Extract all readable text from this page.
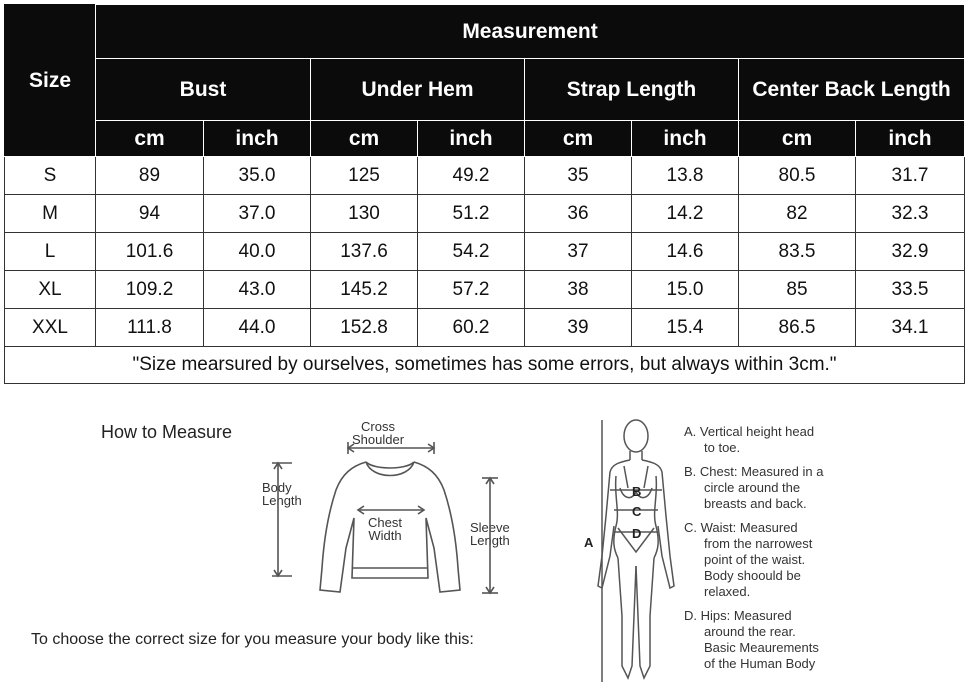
Size	Measurement							
	Bust		Under Hem		Strap Length		Center Back Length	
	cm	inch	cm	inch	cm	inch	cm	inch
S	89	35.0	125	49.2	35	13.8	80.5	31.7
M	94	37.0	130	51.2	36	14.2	82	32.3
L	101.6	40.0	137.6	54.2	37	14.6	83.5	32.9
XL	109.2	43.0	145.2	57.2	38	15.0	85	33.5
XXL	111.8	44.0	152.8	60.2	39	15.4	86.5	34.1
"Size mearsured by ourselves, sometimes has some errors, but always within 3cm."								
How to Measure	Cross
Shoulder
Body
Length
Chest
Width
Sleeve
Length
B
C
D
A
A. Vertical height head
to toe.
B. Chest: Measured in a
circle around the
breasts and back.
C. Waist: Measured
from the narrowest
point of the waist.
Body shoould be
relaxed.
D. Hips: Measured
around the rear.
Basic Meaurements
of the Human Body
To choose the correct size for you measure your body like this:
